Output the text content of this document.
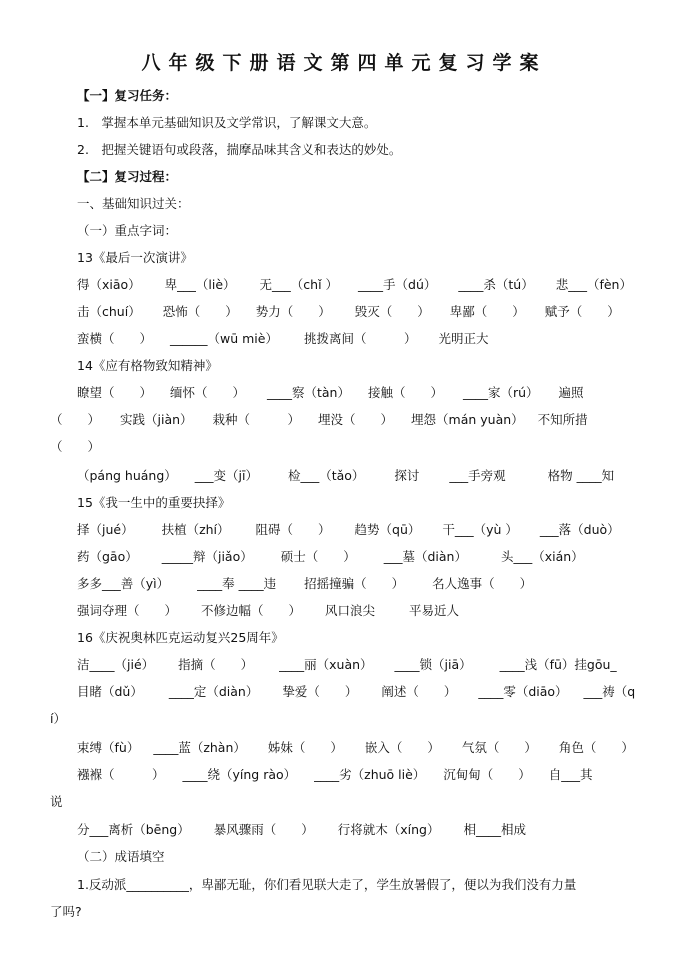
八年级下册语文第四单元复习学案
【一】复习任务：
1.　掌握本单元基础知识及文学常识，了解课文大意。
2.　把握关键语句或段落，揣摩品味其含义和表达的妙处。
【二】复习过程：
一、基础知识过关：
（一）重点字词：
13《最后一次演讲》
得（xiāo） 卑___（liè） 无___（chǐ ） ____手（dú） ____杀（tú） 悲___（fèn）
击（chuí） 恐怖（　　） 势力（　　） 毁灭（　　） 卑鄙（　　） 赋予（　　）
蛮横（　　） ______（wū miè） 挑拨离间（　　　） 光明正大
14《应有格物致知精神》
瞭望（　　） 缅怀（　　） ____察（tàn） 接触（　　） ____家（rú） 遍照
（　　） 实践（jiàn） 栽种（　　　） 埋没（　　） 埋怨（mán yuàn） 不知所措
（　　）
（páng huáng） ___变（jī） 检___（tǎo） 探讨 ___手旁观	格物 ____知
15《我一生中的重要抉择》
择（jué） 扶植（zhí） 阻碍（　　） 趋势（qū） 干___（yù ） ___落（duò）
药（gāo） _____辩（jiǎo） 硕士（　　） ___墓（diàn）	头___（xián）
多多___善（yì） ____奉 ____违 招摇撞骗（　　） 名人逸事（　　）
强词夺理（　　） 不修边幅（　　） 风口浪尖	平易近人
16《庆祝奥林匹克运动复兴25周年》
洁____（jié） 指摘（　　） ____丽（xuàn） ____锁（jiā） ____浅（fū）挂gōu_
目睹（dǔ） ____定（diàn） 挚爱（　　） 阐述（　　） ____零（diāo） ___祷（q
í）
束缚（fù） ____蓝（zhàn） 姊妹（　　） 嵌入（　　） 气氛（　　） 角色（　　）
襁褓（　　　） ____绕（yíng rào） ____劣（zhuō liè） 沉甸甸（　　） 自___其
说
分___离析（bēng） 暴风骤雨（　　） 行将就木（xíng） 相____相成
（二）成语填空
1.反动派__________，卑鄙无耻，你们看见联大走了，学生放暑假了，便以为我们没有力量
了吗?
